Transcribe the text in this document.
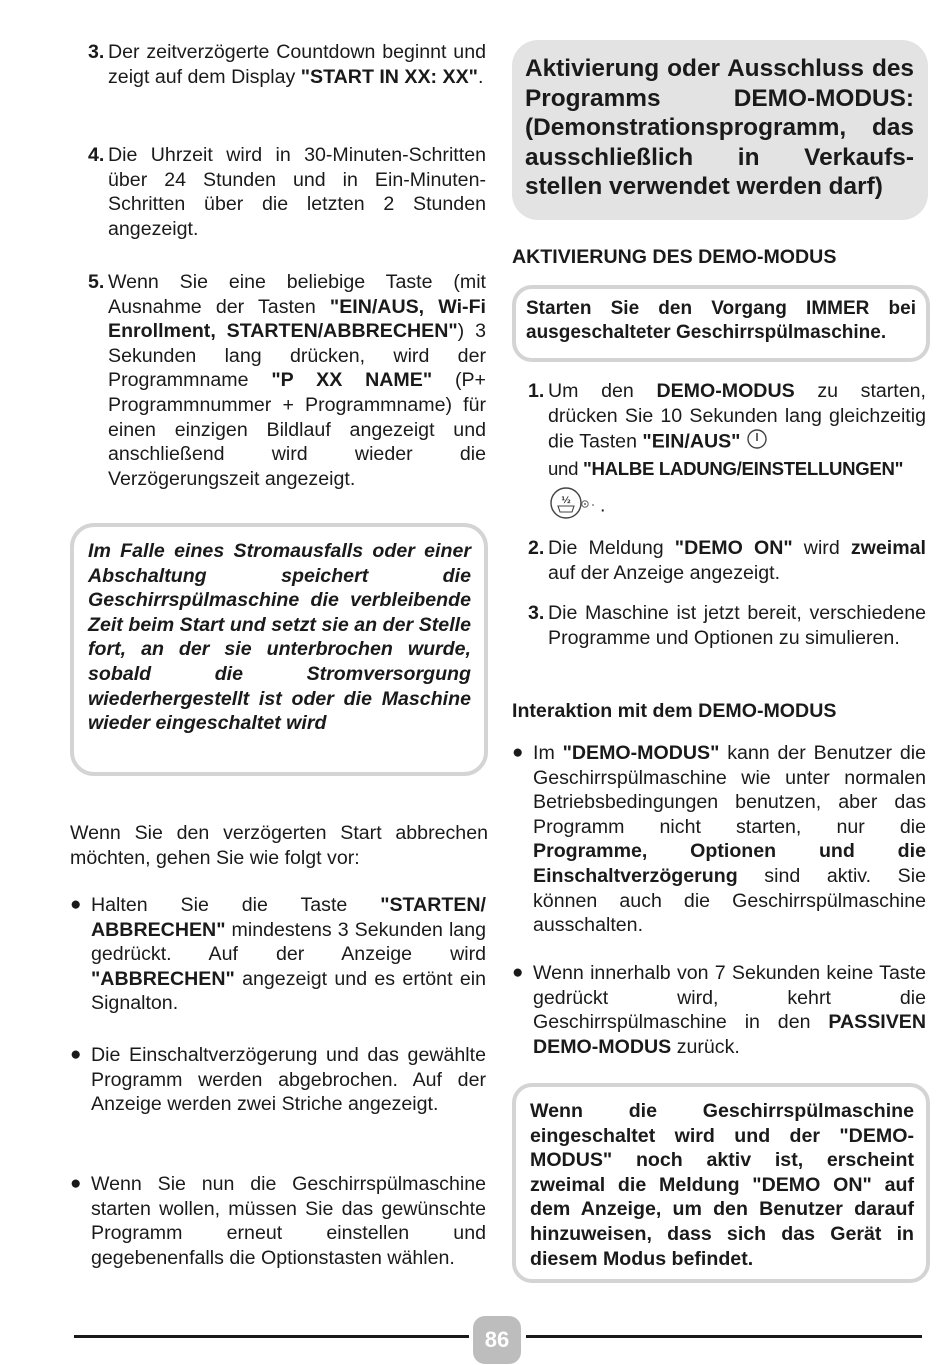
3. Der zeitverzögerte Countdown beginnt und zeigt auf dem Display "START IN XX: XX".

4. Die Uhrzeit wird in 30-Minuten-Schritten über 24 Stunden und in Ein-Minuten-Schritten über die letzten 2 Stunden angezeigt.

5. Wenn Sie eine beliebige Taste (mit Ausnahme der Tasten "EIN/AUS, Wi-Fi Enrollment, STARTEN/ABBRECHEN") 3 Sekunden lang drücken, wird der Programmname "P XX NAME" (P+ Programmnummer + Programmname) für einen einzigen Bildlauf angezeigt und anschließend wird wieder die Verzögerungszeit angezeigt.

Im Falle eines Stromausfalls oder einer Abschaltung speichert die Geschirrspülmaschine die verbleibende Zeit beim Start und setzt sie an der Stelle fort, an der sie unterbrochen wurde, sobald die Stromversorgung wiederhergestellt ist oder die Maschine wieder eingeschaltet wird

Wenn Sie den verzögerten Start abbrechen möchten, gehen Sie wie folgt vor:

● Halten Sie die Taste "STARTEN/ ABBRECHEN" mindestens 3 Sekunden lang gedrückt. Auf der Anzeige wird "ABBRECHEN" angezeigt und es ertönt ein Signalton.

● Die Einschaltverzögerung und das gewählte Programm werden abgebrochen. Auf der Anzeige werden zwei Striche angezeigt.

● Wenn Sie nun die Geschirrspülmaschine starten wollen, müssen Sie das gewünschte Programm erneut einstellen und gegebenenfalls die Optionstasten wählen.

Aktivierung oder Ausschluss des Programms DEMO-MODUS: (Demonstrationsprogramm, das ausschließlich in Verkaufs-stellen verwendet werden darf)

AKTIVIERUNG DES DEMO-MODUS

Starten Sie den Vorgang IMMER bei ausgeschalteter Geschirrspülmaschine.

1. Um den DEMO-MODUS zu starten, drücken Sie 10 Sekunden lang gleichzeitig die Tasten "EIN/AUS"

und "HALBE LADUNG/EINSTELLUNGEN"

½ .

2. Die Meldung "DEMO ON" wird zweimal auf der Anzeige angezeigt.

3. Die Maschine ist jetzt bereit, verschiedene Programme und Optionen zu simulieren.

Interaktion mit dem DEMO-MODUS

● Im "DEMO-MODUS" kann der Benutzer die Geschirrspülmaschine wie unter normalen Betriebsbedingungen benutzen, aber das Programm nicht starten, nur die Programme, Optionen und die Einschaltverzögerung sind aktiv. Sie können auch die Geschirrspülmaschine ausschalten.

● Wenn innerhalb von 7 Sekunden keine Taste gedrückt wird, kehrt die Geschirrspülmaschine in den PASSIVEN DEMO-MODUS zurück.

Wenn die Geschirrspülmaschine eingeschaltet wird und der "DEMO-MODUS" noch aktiv ist, erscheint zweimal die Meldung "DEMO ON" auf dem Anzeige, um den Benutzer darauf hinzuweisen, dass sich das Gerät in diesem Modus befindet.

86
